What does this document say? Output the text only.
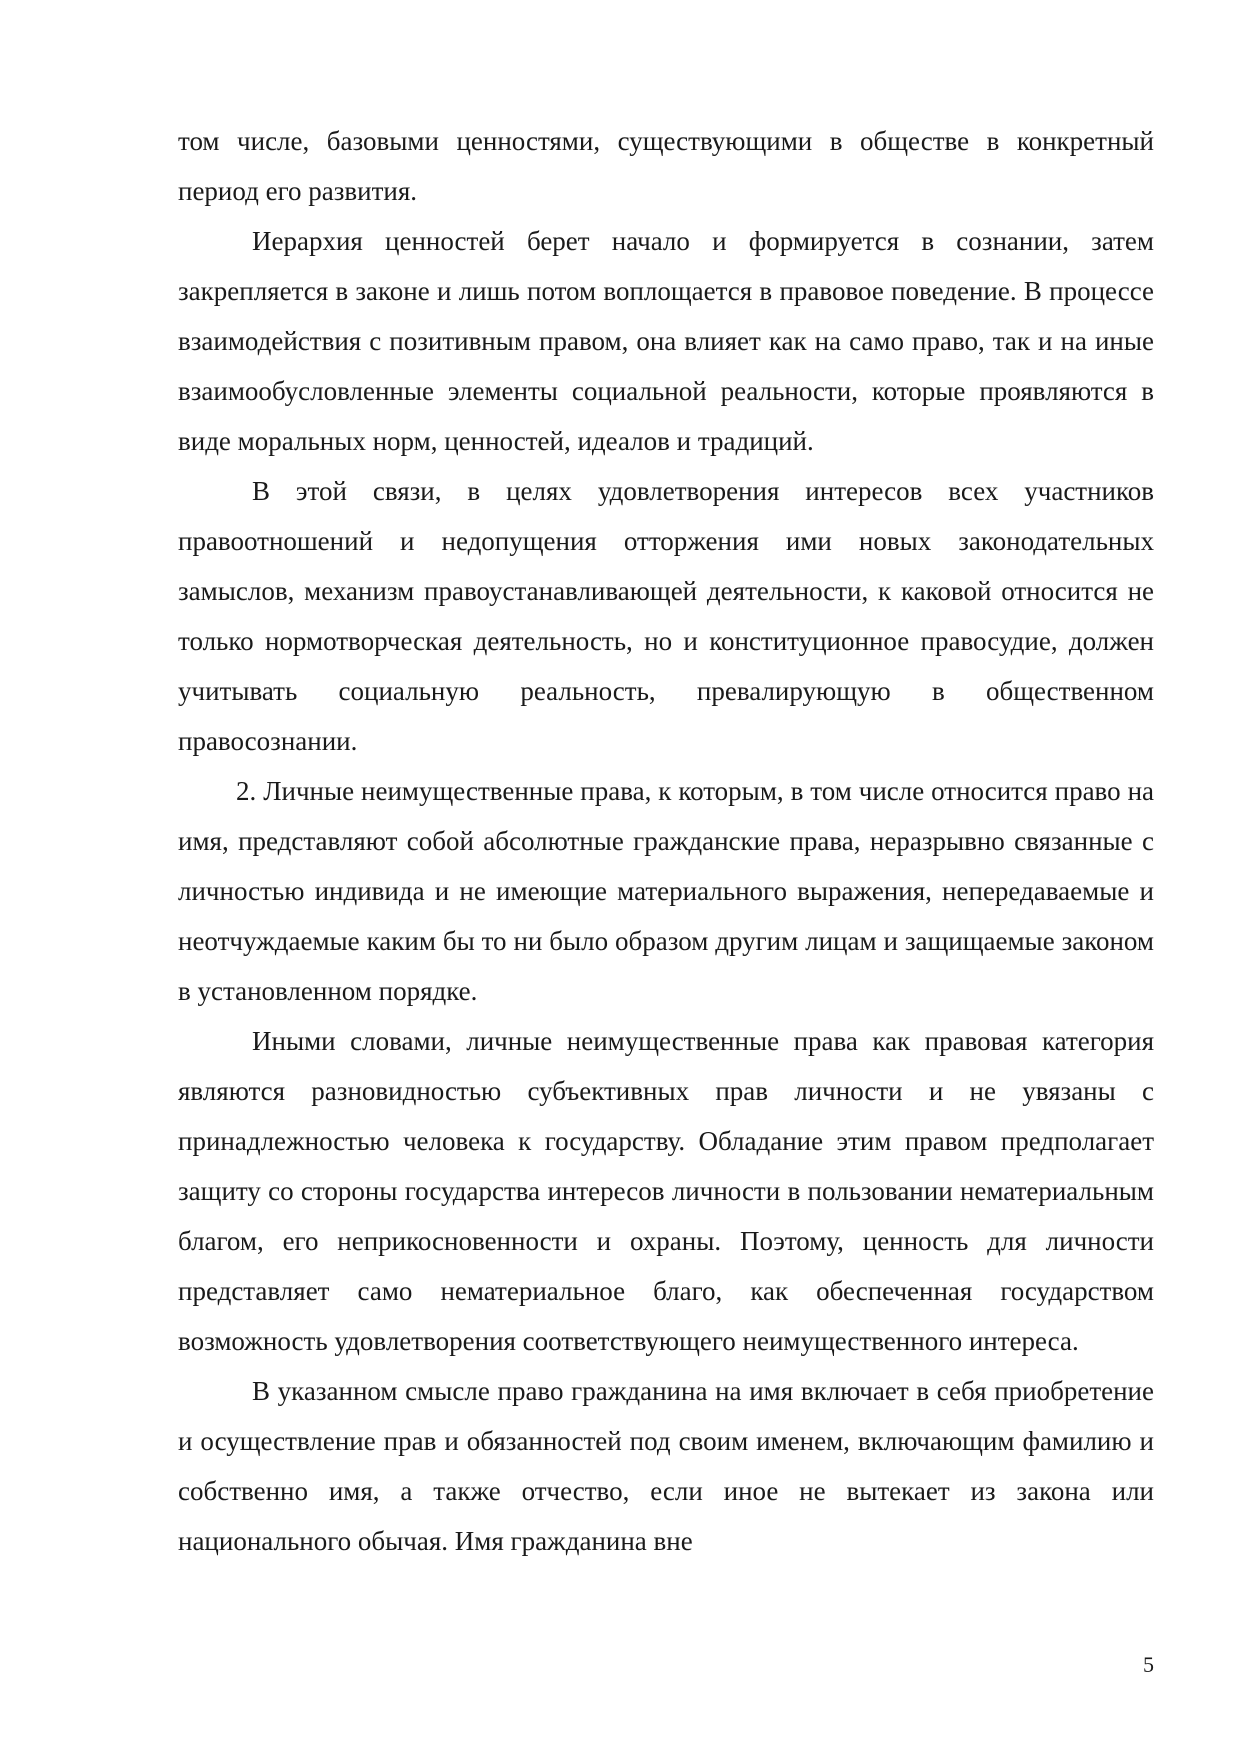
том числе, базовыми ценностями, существующими в обществе в конкретный период его развития.

Иерархия ценностей берет начало и формируется в сознании, затем закрепляется в законе и лишь потом воплощается в правовое поведение. В процессе взаимодействия с позитивным правом, она влияет как на само право, так и на иные взаимообусловленные элементы социальной реальности, которые проявляются в виде моральных норм, ценностей, идеалов и традиций.

В этой связи, в целях удовлетворения интересов всех участников правоотношений и недопущения отторжения ими новых законодательных замыслов, механизм правоустанавливающей деятельности, к каковой относится не только нормотворческая деятельность, но и конституционное правосудие, должен учитывать социальную реальность, превалирующую в общественном правосознании.

2. Личные неимущественные права, к которым, в том числе относится право на имя, представляют собой абсолютные гражданские права, неразрывно связанные с личностью индивида и не имеющие материального выражения, непередаваемые и неотчуждаемые каким бы то ни было образом другим лицам и защищаемые законом в установленном порядке.

Иными словами, личные неимущественные права как правовая категория являются разновидностью субъективных прав личности и не увязаны с принадлежностью человека к государству. Обладание этим правом предполагает защиту со стороны государства интересов личности в пользовании нематериальным благом, его неприкосновенности и охраны. Поэтому, ценность для личности представляет само нематериальное благо, как обеспеченная государством возможность удовлетворения соответствующего неимущественного интереса.

В указанном смысле право гражданина на имя включает в себя приобретение и осуществление прав и обязанностей под своим именем, включающим фамилию и собственно имя, а также отчество, если иное не вытекает из закона или национального обычая. Имя гражданина вне

5
